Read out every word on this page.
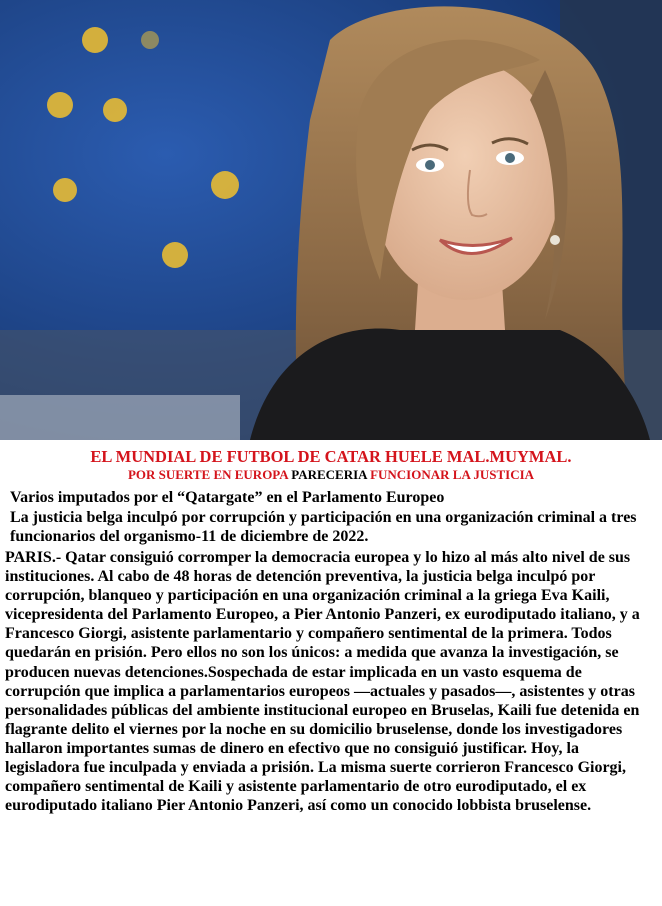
EL MUNDIAL DE FUTBOL DE CATAR HUELE MAL.MUYMAL.
POR SUERTE EN EUROPA PARECERIA FUNCIONAR LA JUSTICIA
Varios imputados por el “Qatargate” en el Parlamento Europeo
La justicia belga inculpó por corrupción y participación en una organización criminal a tres funcionarios del organismo-11 de diciembre de 2022.
PARIS.- Qatar consiguió corromper la democracia europea y lo hizo al más alto nivel de sus instituciones. Al cabo de 48 horas de detención preventiva, la justicia belga inculpó por corrupción, blanqueo y participación en una organización criminal a la griega Eva Kaili, vicepresidenta del Parlamento Europeo, a Pier Antonio Panzeri, ex eurodiputado italiano, y a Francesco Giorgi, asistente parlamentario y compañero sentimental de la primera. Todos quedarán en prisión. Pero ellos no son los únicos: a medida que avanza la investigación, se producen nuevas detenciones.Sospechada de estar implicada en un vasto esquema de corrupción que implica a parlamentarios europeos —actuales y pasados—, asistentes y otras personalidades públicas del ambiente institucional europeo en Bruselas, Kaili fue detenida en flagrante delito el viernes por la noche en su domicilio bruselense, donde los investigadores hallaron importantes sumas de dinero en efectivo que no consiguió justificar. Hoy, la legisladora fue inculpada y enviada a prisión. La misma suerte corrieron Francesco Giorgi, compañero sentimental de Kaili y asistente parlamentario de otro eurodiputado, el ex eurodiputado italiano Pier Antonio Panzeri, así como un conocido lobbista bruselense.
